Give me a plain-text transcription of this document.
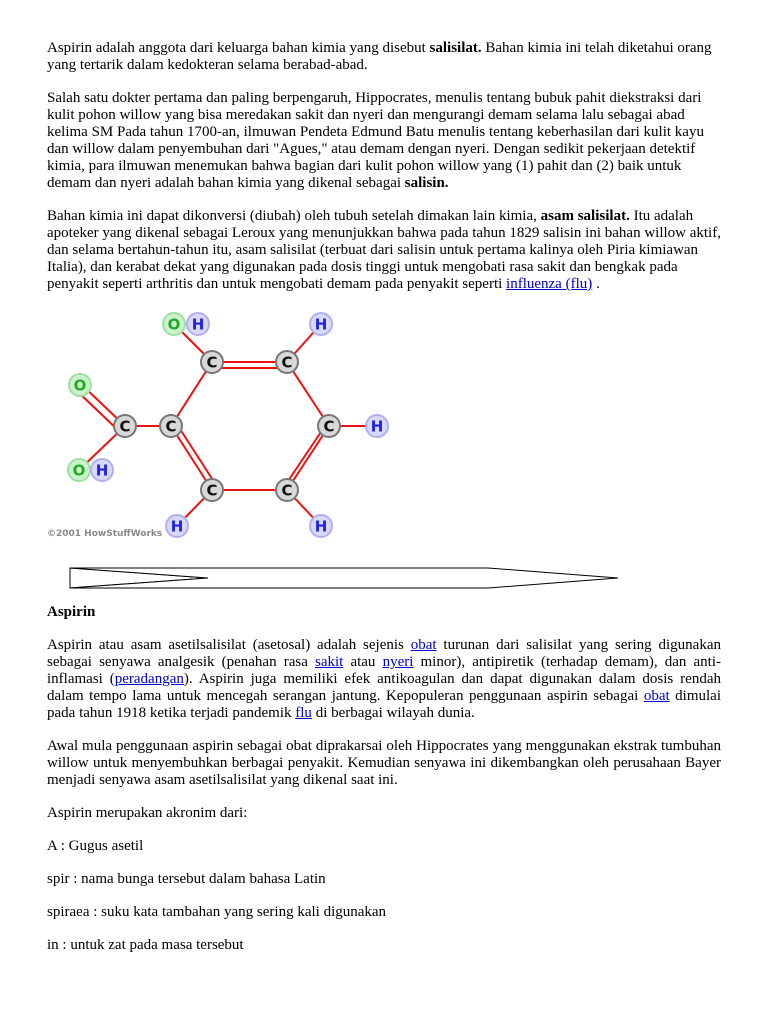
Aspirin adalah anggota dari keluarga bahan kimia yang disebut salisilat. Bahan kimia ini telah diketahui orang yang tertarik dalam kedokteran selama berabad-abad.

Salah satu dokter pertama dan paling berpengaruh, Hippocrates, menulis tentang bubuk pahit diekstraksi dari kulit pohon willow yang bisa meredakan sakit dan nyeri dan mengurangi demam selama lalu sebagai abad kelima SM Pada tahun 1700-an, ilmuwan Pendeta Edmund Batu menulis tentang keberhasilan dari kulit kayu dan willow dalam penyembuhan dari "Agues," atau demam dengan nyeri. Dengan sedikit pekerjaan detektif kimia, para ilmuwan menemukan bahwa bagian dari kulit pohon willow yang (1) pahit dan (2) baik untuk demam dan nyeri adalah bahan kimia yang dikenal sebagai salisin.

Bahan kimia ini dapat dikonversi (diubah) oleh tubuh setelah dimakan lain kimia, asam salisilat. Itu adalah apoteker yang dikenal sebagai Leroux yang menunjukkan bahwa pada tahun 1829 salisin ini bahan willow aktif, dan selama bertahun-tahun itu, asam salisilat (terbuat dari salisin untuk pertama kalinya oleh Piria kimiawan Italia), dan kerabat dekat yang digunakan pada dosis tinggi untuk mengobati rasa sakit dan bengkak pada penyakit seperti arthritis dan untuk mengobati demam pada penyakit seperti influenza (flu) .

C	C
C
C
C
C
C
O
O
O
H	H
H
H
H	H
©2001 HowStuffWorks

Aspirin

Aspirin atau asam asetilsalisilat (asetosal) adalah sejenis obat turunan dari salisilat yang sering digunakan sebagai senyawa analgesik (penahan rasa sakit atau nyeri minor), antipiretik (terhadap demam), dan anti-inflamasi (peradangan). Aspirin juga memiliki efek antikoagulan dan dapat digunakan dalam dosis rendah dalam tempo lama untuk mencegah serangan jantung. Kepopuleran penggunaan aspirin sebagai obat dimulai pada tahun 1918 ketika terjadi pandemik flu di berbagai wilayah dunia.

Awal mula penggunaan aspirin sebagai obat diprakarsai oleh Hippocrates yang menggunakan ekstrak tumbuhan willow untuk menyembuhkan berbagai penyakit. Kemudian senyawa ini dikembangkan oleh perusahaan Bayer menjadi senyawa asam asetilsalisilat yang dikenal saat ini.

Aspirin merupakan akronim dari:

A : Gugus asetil

spir : nama bunga tersebut dalam bahasa Latin

spiraea : suku kata tambahan yang sering kali digunakan

in : untuk zat pada masa tersebut
